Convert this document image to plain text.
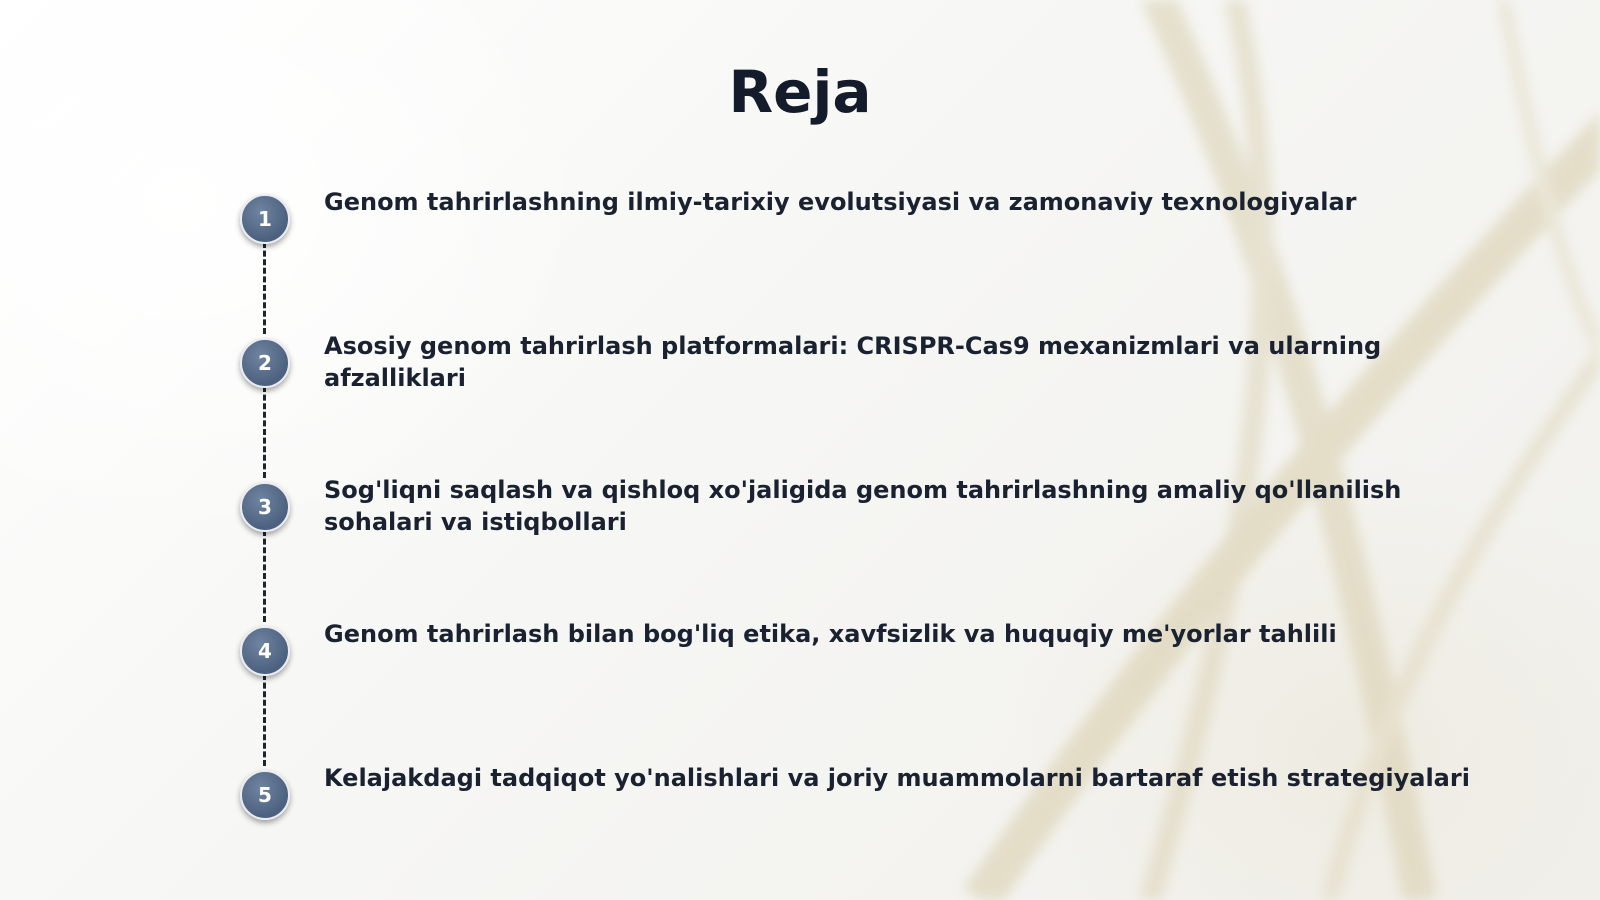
Reja
1

Genom tahrirlashning ilmiy-tarixiy evolutsiyasi va zamonaviy texnologiyalar

2

Asosiy genom tahrirlash platformalari: CRISPR-Cas9 mexanizmlari va ularning afzalliklari

3

Sog'liqni saqlash va qishloq xo'jaligida genom tahrirlashning amaliy qo'llanilish sohalari va istiqbollari

4

Genom tahrirlash bilan bog'liq etika, xavfsizlik va huquqiy me'yorlar tahlili

5

Kelajakdagi tadqiqot yo'nalishlari va joriy muammolarni bartaraf etish strategiyalari
